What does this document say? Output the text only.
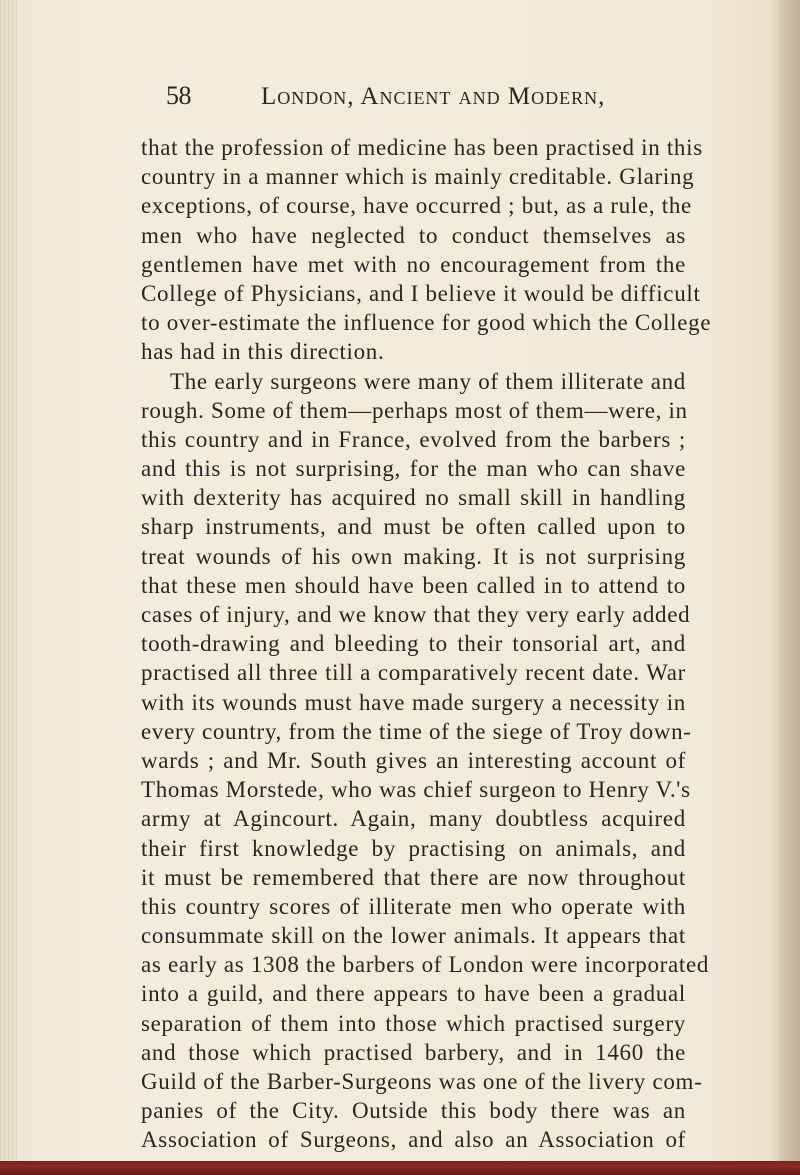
58	London, Ancient and Modern,
that the profession of medicine has been practised in this
country in a manner which is mainly creditable. Glaring
exceptions, of course, have occurred ; but, as a rule, the
men who have neglected to conduct themselves as
gentlemen have met with no encouragement from the
College of Physicians, and I believe it would be difficult
to over-estimate the influence for good which the College
has had in this direction.
The early surgeons were many of them illiterate and
rough. Some of them—perhaps most of them—were, in
this country and in France, evolved from the barbers ;
and this is not surprising, for the man who can shave
with dexterity has acquired no small skill in handling
sharp instruments, and must be often called upon to
treat wounds of his own making. It is not surprising
that these men should have been called in to attend to
cases of injury, and we know that they very early added
tooth-drawing and bleeding to their tonsorial art, and
practised all three till a comparatively recent date. War
with its wounds must have made surgery a necessity in
every country, from the time of the siege of Troy down-
wards ; and Mr. South gives an interesting account of
Thomas Morstede, who was chief surgeon to Henry V.'s
army at Agincourt. Again, many doubtless acquired
their first knowledge by practising on animals, and
it must be remembered that there are now throughout
this country scores of illiterate men who operate with
consummate skill on the lower animals. It appears that
as early as 1308 the barbers of London were incorporated
into a guild, and there appears to have been a gradual
separation of them into those which practised surgery
and those which practised barbery, and in 1460 the
Guild of the Barber-Surgeons was one of the livery com-
panies of the City. Outside this body there was an
Association of Surgeons, and also an Association of
